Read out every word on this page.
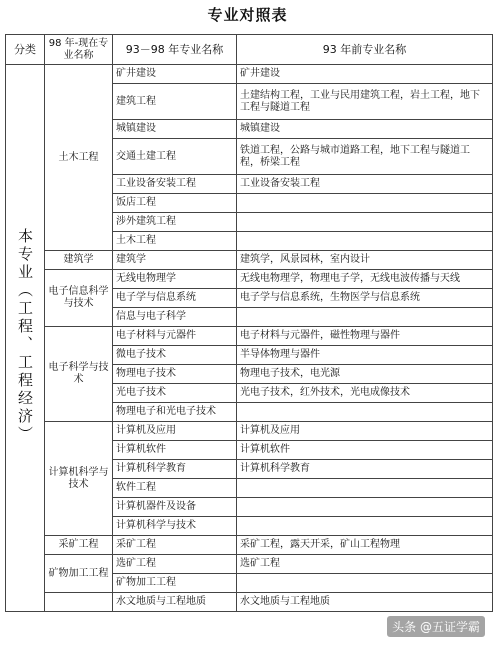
专业对照表
分类	98 年-现在专业名称	93－98 年专业名称	93 年前专业名称
本专业（工程、工程经济）	土木工程	矿井建设	矿井建设
		建筑工程	土建结构工程，工业与民用建筑工程，岩土工程，地下工程与隧道工程
		城镇建设	城镇建设
		交通土建工程	铁道工程，公路与城市道路工程，地下工程与隧道工程，桥梁工程
		工业设备安装工程	工业设备安装工程
		饭店工程	
		涉外建筑工程	
		土木工程	
	建筑学	建筑学	建筑学，风景园林，室内设计
	电子信息科学与技术	无线电物理学	无线电物理学，物理电子学，无线电波传播与天线
		电子学与信息系统	电子学与信息系统，生物医学与信息系统
		信息与电子科学	
	电子科学与技术	电子材料与元器件	电子材料与元器件，磁性物理与器件
		微电子技术	半导体物理与器件
		物理电子技术	物理电子技术，电光源
		光电子技术	光电子技术，红外技术，光电成像技术
		物理电子和光电子技术	
	计算机科学与技术	计算机及应用	计算机及应用
		计算机软件	计算机软件
		计算机科学教育	计算机科学教育
		软件工程	
		计算机器件及设备	
		计算机科学与技术	
	采矿工程	采矿工程	采矿工程，露天开采，矿山工程物理
	矿物加工工程	选矿工程	选矿工程
		矿物加工工程	
		水文地质与工程地质	水文地质与工程地质
头条 @五证学霸
